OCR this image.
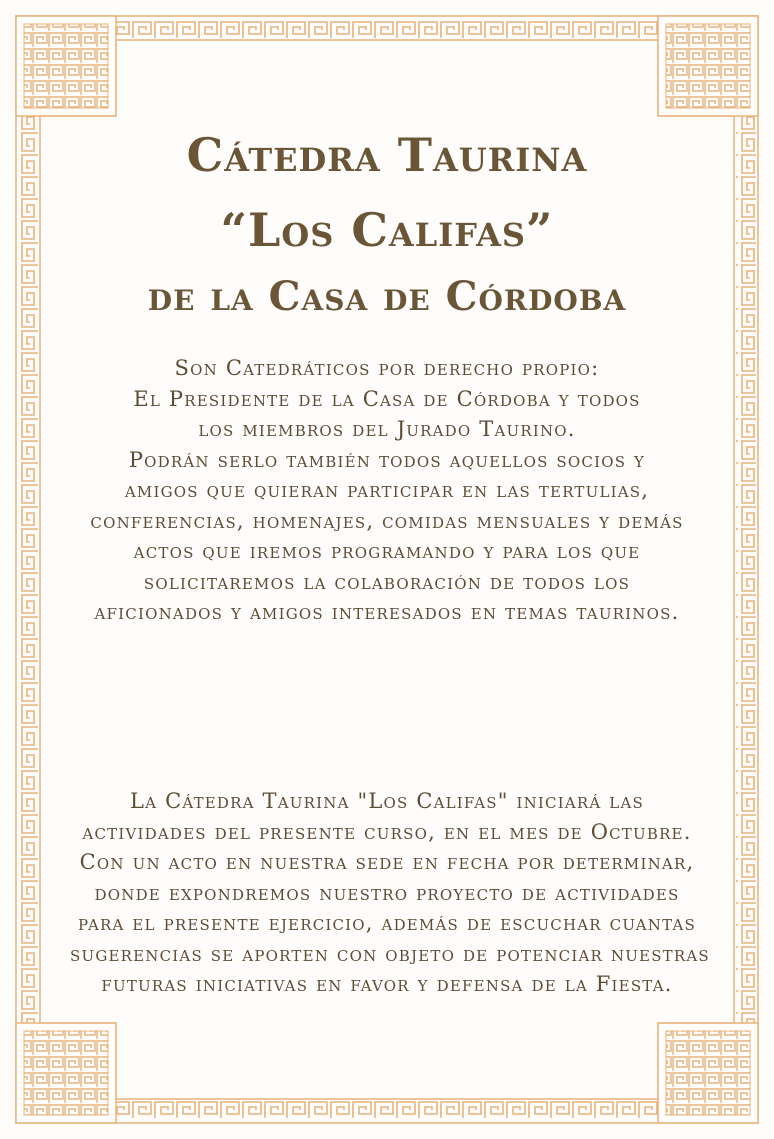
Cátedra Taurina
“Los Califas”
de la Casa de Córdoba
Son Catedráticos por derecho propio:
El Presidente de la Casa de Córdoba y todos
los miembros del Jurado Taurino.
Podrán serlo también todos aquellos socios y
amigos que quieran participar en las tertulias,
conferencias, homenajes, comidas mensuales y demás
actos que iremos programando y para los que
solicitaremos la colaboración de todos los
aficionados y amigos interesados en temas taurinos.
La Cátedra Taurina "Los Califas" iniciará las
actividades del presente curso, en el mes de Octubre.
Con un acto en nuestra sede en fecha por determinar,
donde expondremos nuestro proyecto de actividades
para el presente ejercicio, además de escuchar cuantas
sugerencias se aporten con objeto de potenciar nuestras
futuras iniciativas en favor y defensa de la Fiesta.
